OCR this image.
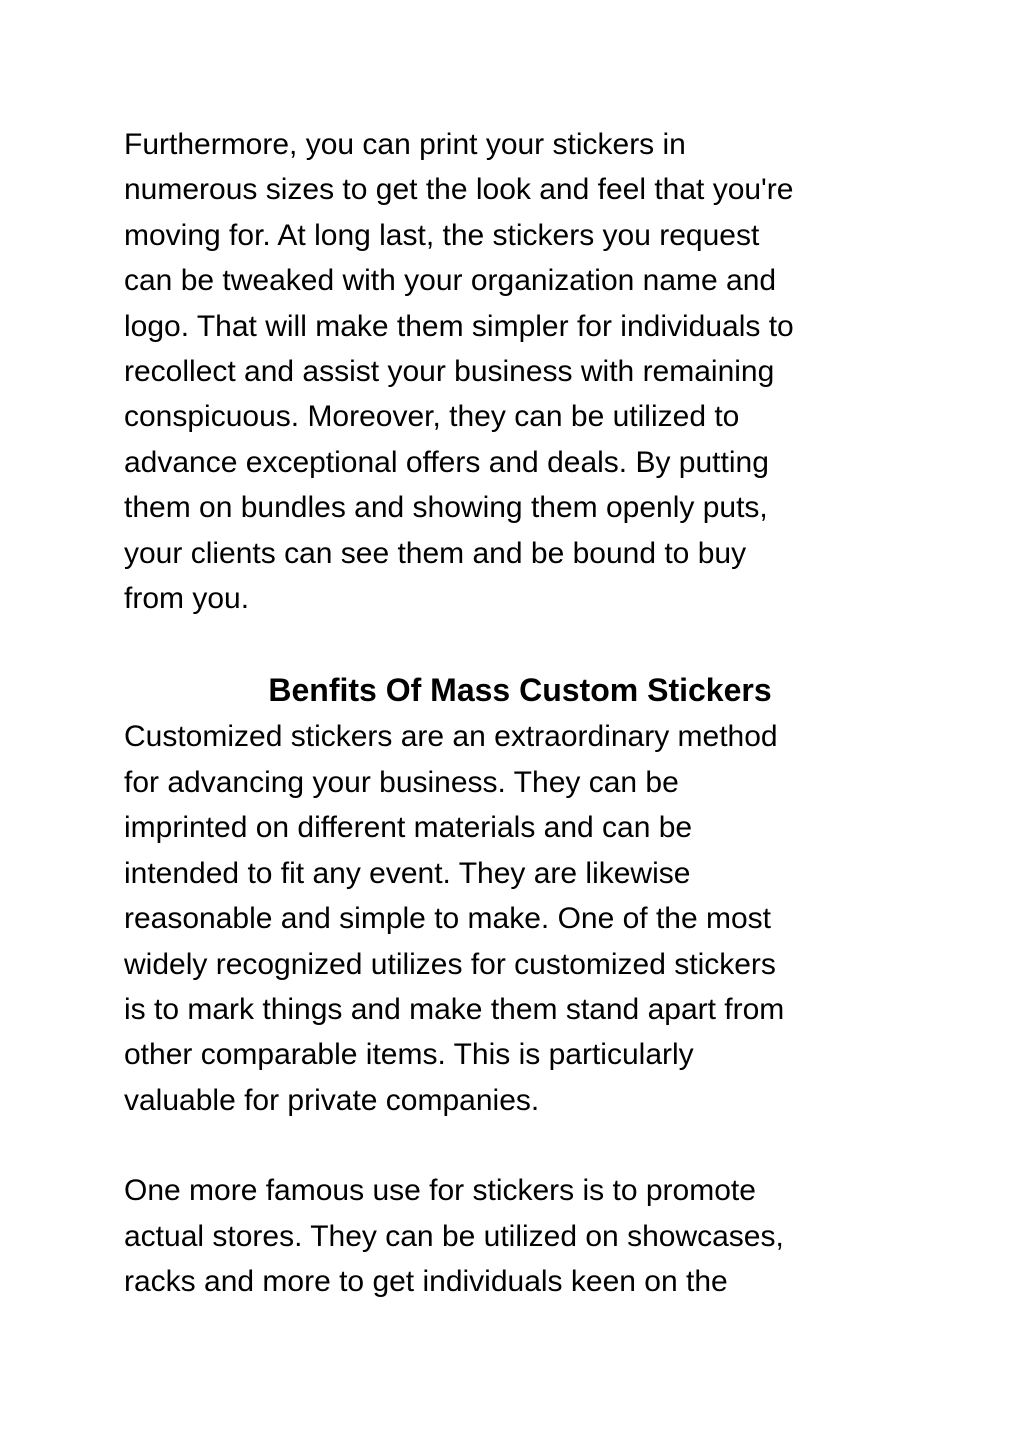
Furthermore, you can print your stickers in
numerous sizes to get the look and feel that you're
moving for. At long last, the stickers you request
can be tweaked with your organization name and
logo. That will make them simpler for individuals to
recollect and assist your business with remaining
conspicuous. Moreover, they can be utilized to
advance exceptional offers and deals. By putting
them on bundles and showing them openly puts,
your clients can see them and be bound to buy
from you.

Benfits Of Mass Custom Stickers

Customized stickers are an extraordinary method
for advancing your business. They can be
imprinted on different materials and can be
intended to fit any event. They are likewise
reasonable and simple to make. One of the most
widely recognized utilizes for customized stickers
is to mark things and make them stand apart from
other comparable items. This is particularly
valuable for private companies.

One more famous use for stickers is to promote
actual stores. They can be utilized on showcases,
racks and more to get individuals keen on the
